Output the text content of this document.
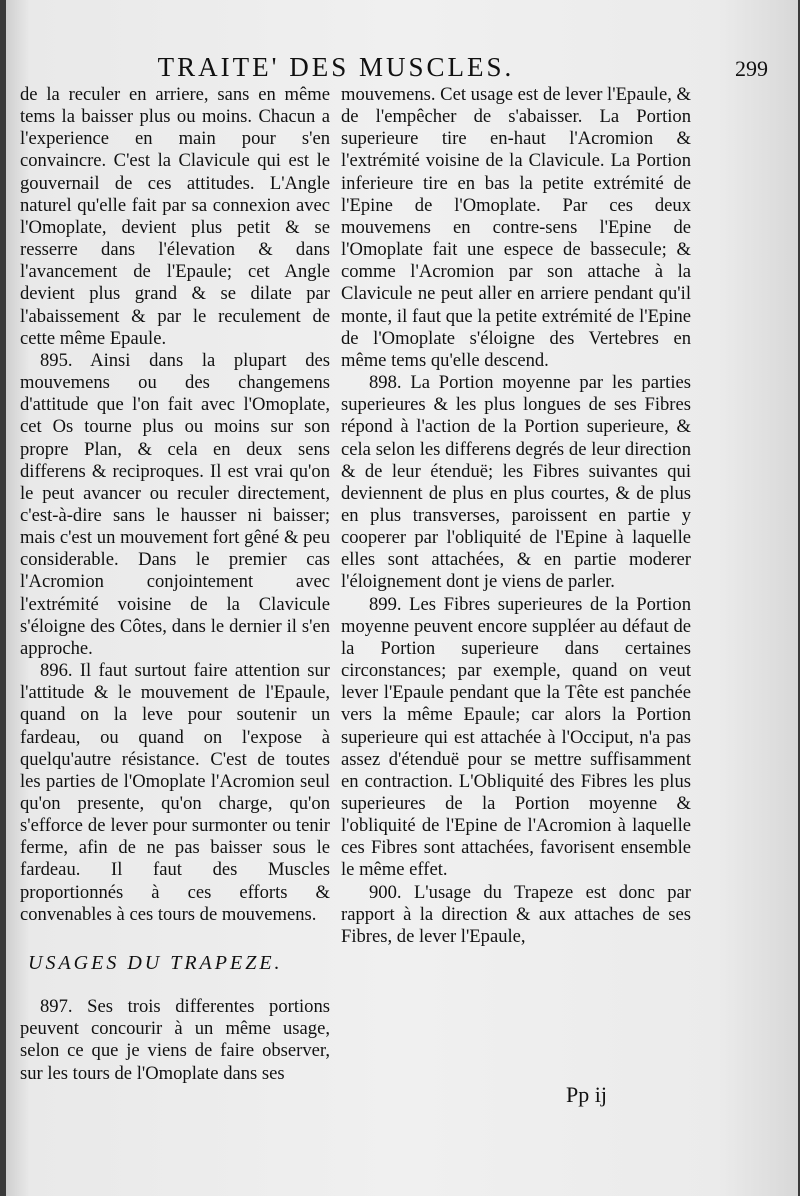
TRAITE' DES MUSCLES.	299

de la reculer en arriere, sans en même tems la baisser plus ou moins. Chacun a l'experience en main pour s'en convaincre. C'est la Clavicule qui est le gouvernail de ces attitudes. L'Angle naturel qu'elle fait par sa connexion avec l'Omoplate, devient plus petit & se resserre dans l'élevation & dans l'avancement de l'Epaule; cet Angle devient plus grand & se dilate par l'abaissement & par le reculement de cette même Epaule.

895. Ainsi dans la plupart des mouvemens ou des changemens d'attitude que l'on fait avec l'Omoplate, cet Os tourne plus ou moins sur son propre Plan, & cela en deux sens differens & reciproques. Il est vrai qu'on le peut avancer ou reculer directement, c'est-à-dire sans le hausser ni baisser; mais c'est un mouvement fort gêné & peu considerable. Dans le premier cas l'Acromion conjointement avec l'extrémité voisine de la Clavicule s'éloigne des Côtes, dans le dernier il s'en approche.

896. Il faut surtout faire attention sur l'attitude & le mouvement de l'Epaule, quand on la leve pour soutenir un fardeau, ou quand on l'expose à quelqu'autre résistance. C'est de toutes les parties de l'Omoplate l'Acromion seul qu'on presente, qu'on charge, qu'on s'efforce de lever pour surmonter ou tenir ferme, afin de ne pas baisser sous le fardeau. Il faut des Muscles proportionnés à ces efforts & convenables à ces tours de mouvemens.

USAGES DU TRAPEZE.

897. Ses trois differentes portions peuvent concourir à un même usage, selon ce que je viens de faire observer, sur les tours de l'Omoplate dans ses

mouvemens. Cet usage est de lever l'Epaule, & de l'empêcher de s'abaisser. La Portion superieure tire en-haut l'Acromion & l'extrémité voisine de la Clavicule. La Portion inferieure tire en bas la petite extrémité de l'Epine de l'Omoplate. Par ces deux mouvemens en contre-sens l'Epine de l'Omoplate fait une espece de bassecule; & comme l'Acromion par son attache à la Clavicule ne peut aller en arriere pendant qu'il monte, il faut que la petite extrémité de l'Epine de l'Omoplate s'éloigne des Vertebres en même tems qu'elle descend.

898. La Portion moyenne par les parties superieures & les plus longues de ses Fibres répond à l'action de la Portion superieure, & cela selon les differens degrés de leur direction & de leur étenduë; les Fibres suivantes qui deviennent de plus en plus courtes, & de plus en plus transverses, paroissent en partie y cooperer par l'obliquité de l'Epine à laquelle elles sont attachées, & en partie moderer l'éloignement dont je viens de parler.

899. Les Fibres superieures de la Portion moyenne peuvent encore suppléer au défaut de la Portion superieure dans certaines circonstances; par exemple, quand on veut lever l'Epaule pendant que la Tête est panchée vers la même Epaule; car alors la Portion superieure qui est attachée à l'Occiput, n'a pas assez d'étenduë pour se mettre suffisamment en contraction. L'Obliquité des Fibres les plus superieures de la Portion moyenne & l'obliquité de l'Epine de l'Acromion à laquelle ces Fibres sont attachées, favorisent ensemble le même effet.

900. L'usage du Trapeze est donc par rapport à la direction & aux attaches de ses Fibres, de lever l'Epaule,

Pp ij
